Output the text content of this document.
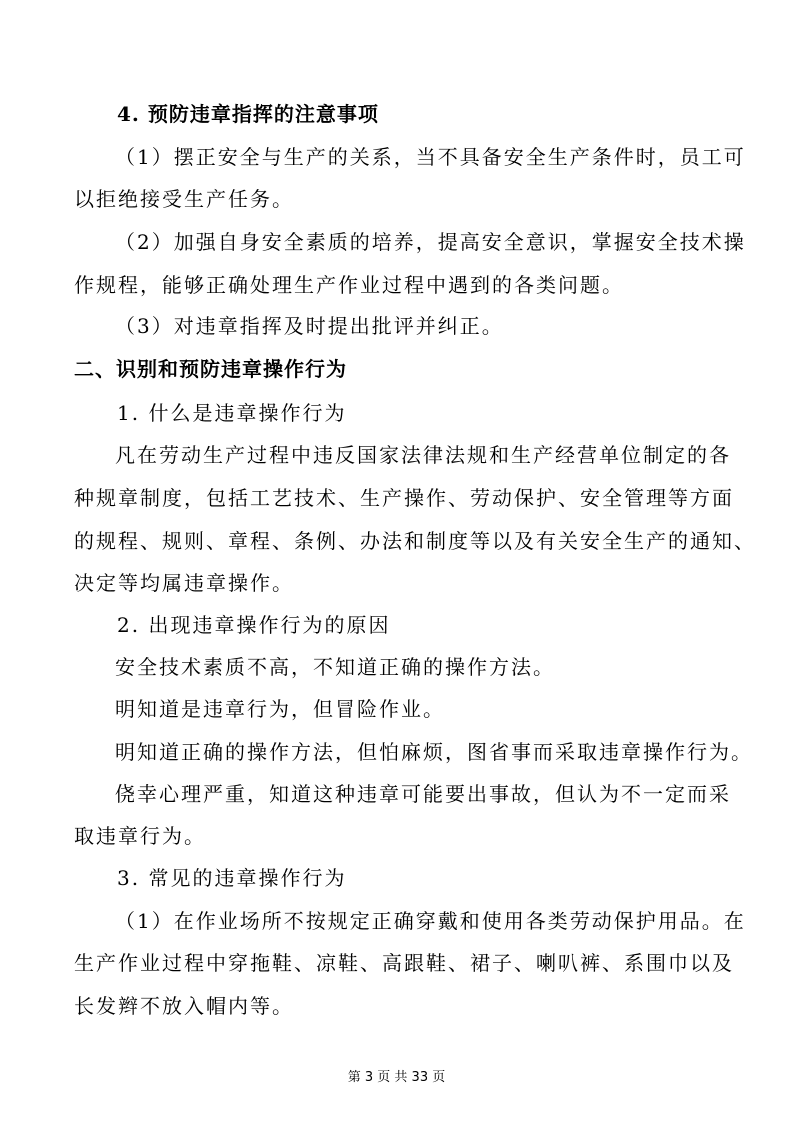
4. 预防违章指挥的注意事项
（1）摆正安全与生产的关系，当不具备安全生产条件时，员工可
以拒绝接受生产任务。
（2）加强自身安全素质的培养，提高安全意识，掌握安全技术操
作规程，能够正确处理生产作业过程中遇到的各类问题。
（3）对违章指挥及时提出批评并纠正。
二、识别和预防违章操作行为
1. 什么是违章操作行为
凡在劳动生产过程中违反国家法律法规和生产经营单位制定的各
种规章制度，包括工艺技术、生产操作、劳动保护、安全管理等方面
的规程、规则、章程、条例、办法和制度等以及有关安全生产的通知、
决定等均属违章操作。
2. 出现违章操作行为的原因
安全技术素质不高，不知道正确的操作方法。
明知道是违章行为，但冒险作业。
明知道正确的操作方法，但怕麻烦，图省事而采取违章操作行为。
侥幸心理严重，知道这种违章可能要出事故，但认为不一定而采
取违章行为。
3. 常见的违章操作行为
（1）在作业场所不按规定正确穿戴和使用各类劳动保护用品。在
生产作业过程中穿拖鞋、凉鞋、高跟鞋、裙子、喇叭裤、系围巾以及
长发辫不放入帽内等。
第 3 页 共 33 页
